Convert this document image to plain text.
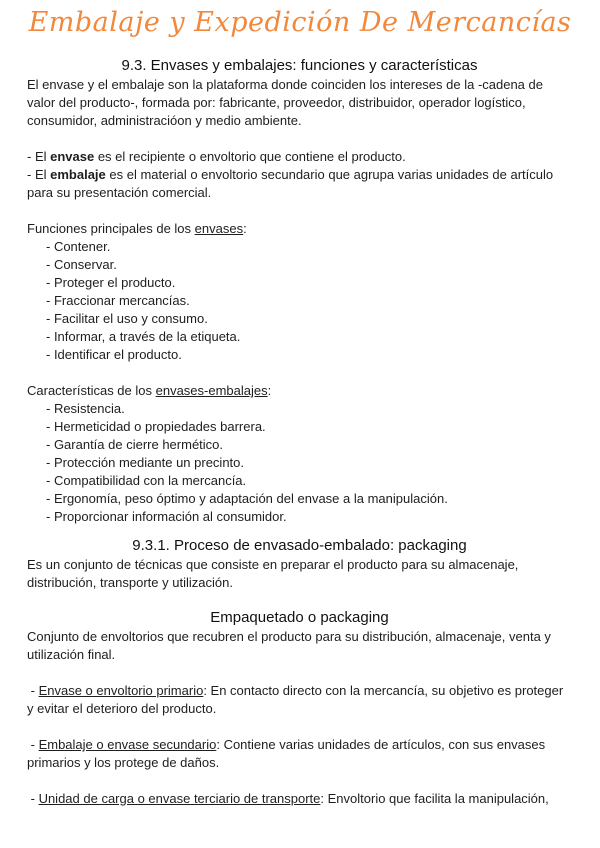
Embalaje y Expedición De Mercancías
9.3. Envases y embalajes: funciones y características

El envase y el embalaje son la plataforma donde coinciden los intereses de la -cadena de valor del producto-, formada por: fabricante, proveedor, distribuidor, operador logístico, consumidor, administracióon y medio ambiente.

- El envase es el recipiente o envoltorio que contiene el producto.

- El embalaje es el material o envoltorio secundario que agrupa varias unidades de artículo para su presentación comercial.

Funciones principales de los envases:

- Contener.
- Conservar.
- Proteger el producto.
- Fraccionar mercancías.
- Facilitar el uso y consumo.
- Informar, a través de la etiqueta.
- Identificar el producto.

Características de los envases-embalajes:

- Resistencia.
- Hermeticidad o propiedades barrera.
- Garantía de cierre hermético.
- Protección mediante un precinto.
- Compatibilidad con la mercancía.
- Ergonomía, peso óptimo y adaptación del envase a la manipulación.
- Proporcionar información al consumidor.
9.3.1. Proceso de envasado-embalado: packaging

Es un conjunto de técnicas que consiste en preparar el producto para su almacenaje, distribución, transporte y utilización.

Empaquetado o packaging

Conjunto de envoltorios que recubren el producto para su distribución, almacenaje, venta y utilización final.

- Envase o envoltorio primario: En contacto directo con la mercancía, su objetivo es proteger y evitar el deterioro del producto.

- Embalaje o envase secundario: Contiene varias unidades de artículos, con sus envases primarios y los protege de daños.

- Unidad de carga o envase terciario de transporte: Envoltorio que facilita la manipulación,
